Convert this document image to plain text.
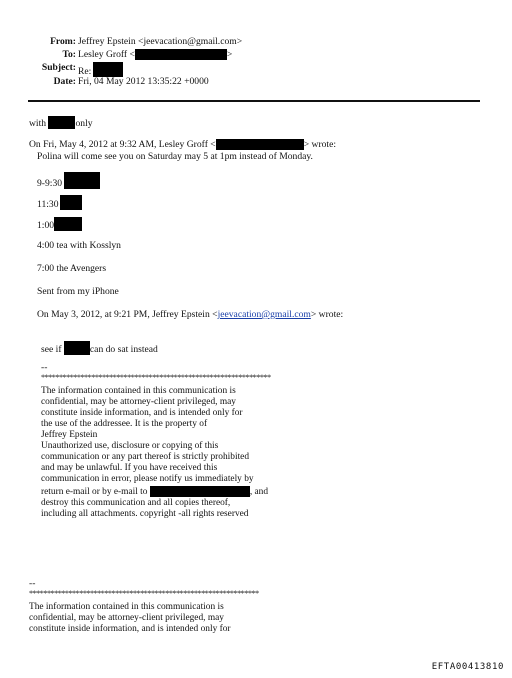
From: Jeffrey Epstein <jeevacation@gmail.com>
To: Lesley Groff <	>
Subject: Re:
Date: Fri, 04 May 2012 13:35:22 +0000
with	only
On Fri, May 4, 2012 at 9:32 AM, Lesley Groff <	> wrote:
Polina will come see you on Saturday may 5 at 1pm instead of Monday.
9-9:30
11:30
1:00
4:00 tea with Kosslyn
7:00 the Avengers
Sent from my iPhone
On May 3, 2012, at 9:21 PM, Jeffrey Epstein <jeevacation@gmail.com> wrote:
see if	can do sat instead
--
****************************************************************
The information contained in this communication is
confidential, may be attorney-client privileged, may
constitute inside information, and is intended only for
the use of the addressee. It is the property of
Jeffrey Epstein
Unauthorized use, disclosure or copying of this
communication or any part thereof is strictly prohibited
and may be unlawful. If you have received this
communication in error, please notify us immediately by
return e-mail or by e-mail to	, and
destroy this communication and all copies thereof,
including all attachments. copyright -all rights reserved
--
****************************************************************
The information contained in this communication is
confidential, may be attorney-client privileged, may
constitute inside information, and is intended only for
EFTA00413810
